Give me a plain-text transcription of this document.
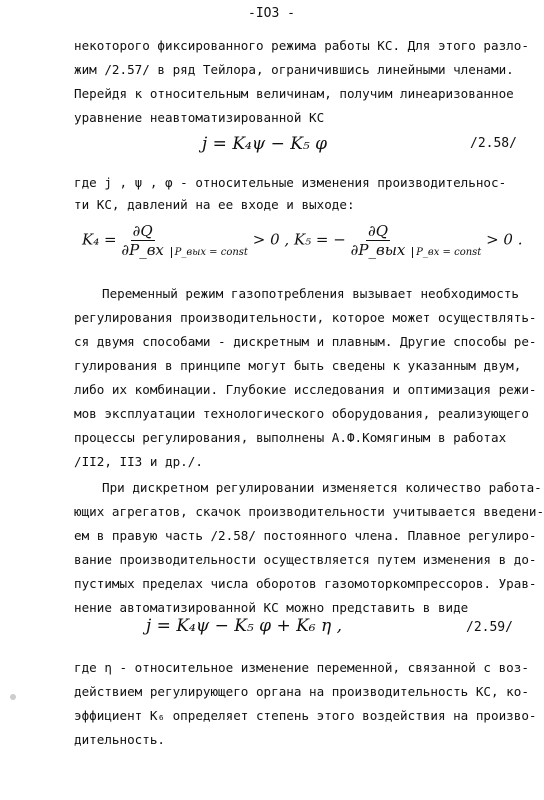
-IO3 -
некоторого фиксированного режима работы КС. Для этого разло-
жим /2.57/ в ряд Тейлора, ограничившись линейными членами.
Перейдя к относительным величинам, получим линеаризованное
уравнение неавтоматизированной КС
j = K₄ψ − K₅ φ	/2.58/
где j , ψ , φ - относительные изменения производительнос-
ти КС, давлений на ее входе и выходе:
$K_4 = \frac{\partial Q}{\partial P\_вх} _{P\_вых = const} > 0$ , K₅ = − $\frac{\partial Q}{\text{∂P\_вых}} _{P\_вх = const} > 0$ .
Переменный режим газопотребления вызывает необходимость
регулирования производительности, которое может осуществлять-
ся двумя способами - дискретным и плавным. Другие способы ре-
гулирования в принципе могут быть сведены к указанным двум,
либо их комбинации. Глубокие исследования и оптимизация режи-
мов эксплуатации технологического оборудования, реализующего
процессы регулирования, выполнены А.Ф.Комягиным в работах
/II2, II3 и др./.
При дискретном регулировании изменяется количество работа-
ющих агрегатов, скачок производительности учитывается введени-
ем в правую часть /2.58/ постоянного члена. Плавное регулиро-
вание производительности осуществляется путем изменения в до-
пустимых пределах числа оборотов газомоторкомпрессоров. Урав-
нение автоматизированной КС можно представить в виде
j = K₄ψ − K₅ φ + K₆ η ,	/2.59/
где η - относительное изменение переменной, связанной с воз-
действием регулирующего органа на производительность КС, ко-
эффициент K₆ определяет степень этого воздействия на произво-
дительность.
